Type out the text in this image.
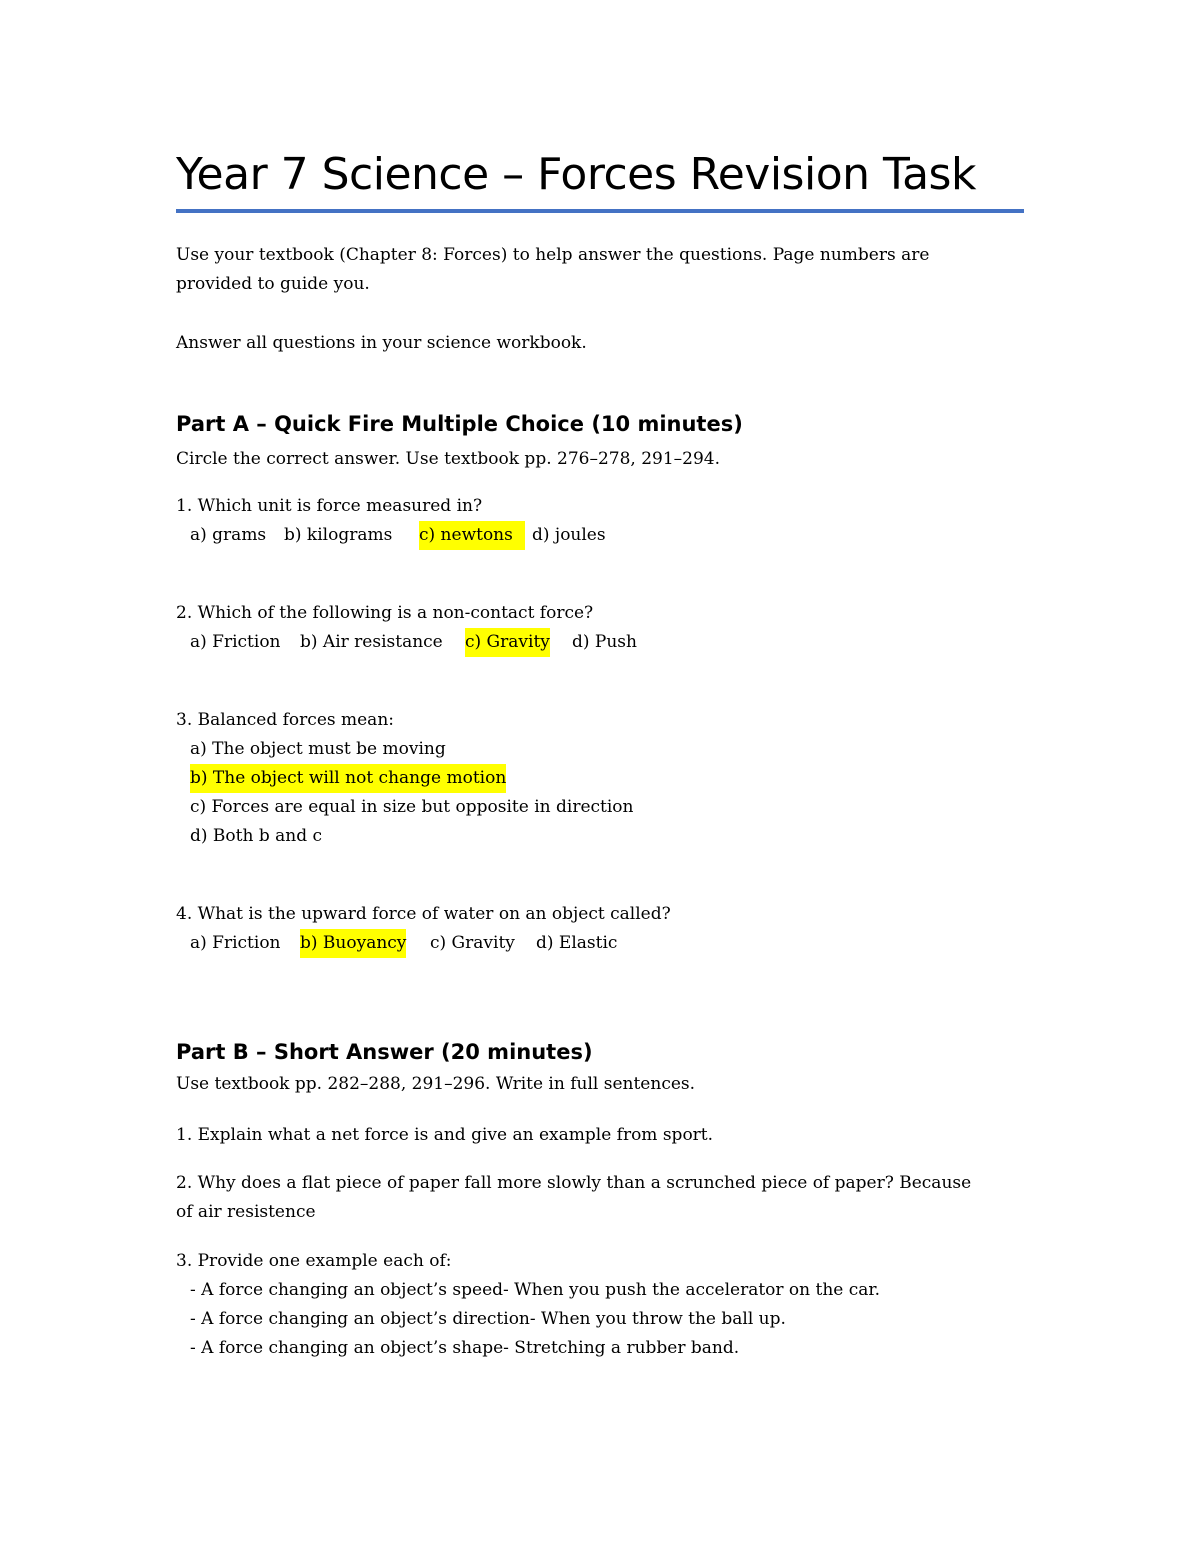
Year 7 Science – Forces Revision Task
Use your textbook (Chapter 8: Forces) to help answer the questions. Page numbers are
provided to guide you.
Answer all questions in your science workbook.
Part A – Quick Fire Multiple Choice (10 minutes)
Circle the correct answer. Use textbook pp. 276–278, 291–294.
1. Which unit is force measured in?
a) grams b) kilograms c) newtons	d) joules
2. Which of the following is a non-contact force?
a) Friction b) Air resistance c) Gravity d) Push
3. Balanced forces mean:
a) The object must be moving
b) The object will not change motion
c) Forces are equal in size but opposite in direction
d) Both b and c
4. What is the upward force of water on an object called?
a) Friction b) Buoyancy c) Gravity d) Elastic
Part B – Short Answer (20 minutes)
Use textbook pp. 282–288, 291–296. Write in full sentences.
1. Explain what a net force is and give an example from sport.
2. Why does a flat piece of paper fall more slowly than a scrunched piece of paper? Because
of air resistence
3. Provide one example each of:
- A force changing an object’s speed- When you push the accelerator on the car.
- A force changing an object’s direction- When you throw the ball up.
- A force changing an object’s shape- Stretching a rubber band.
